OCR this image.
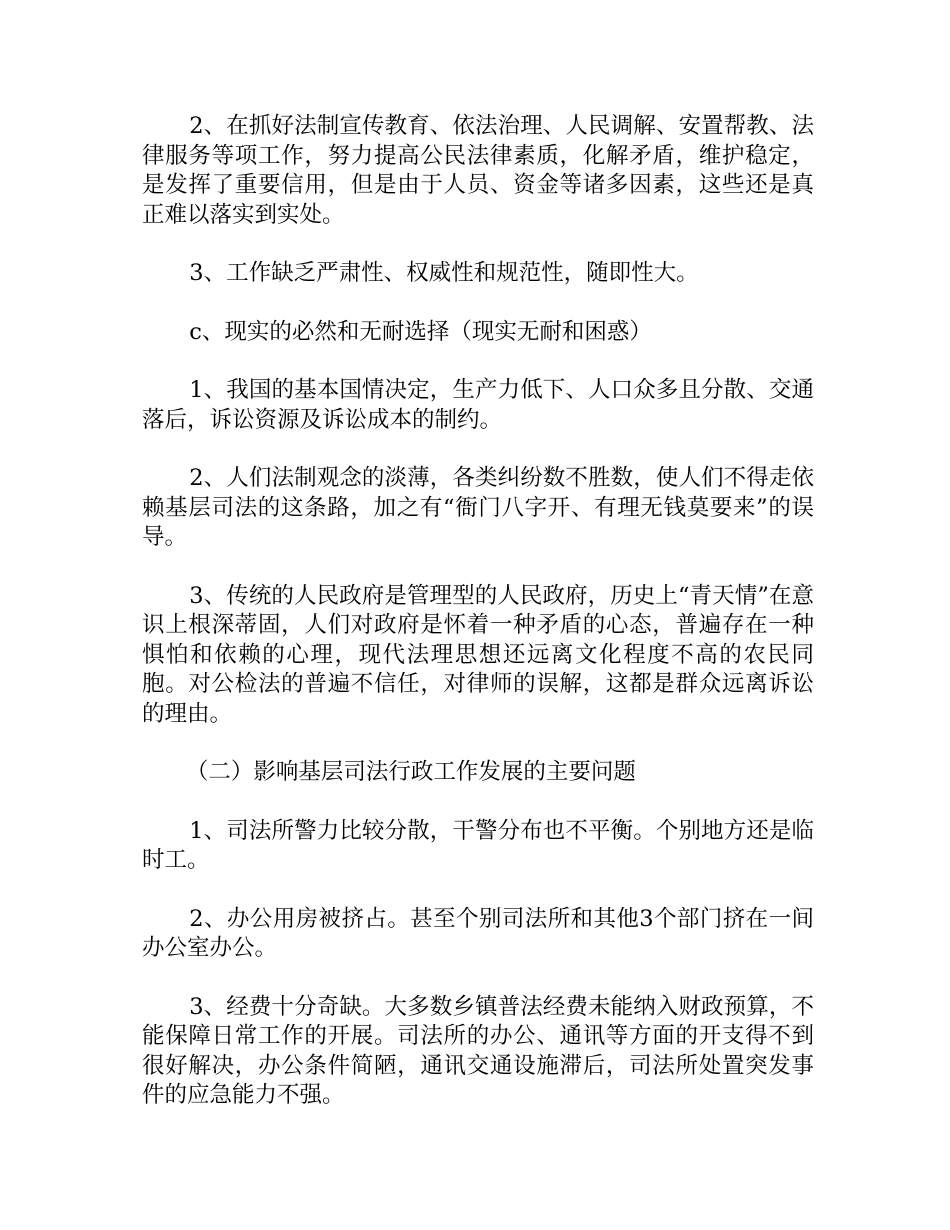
2、在抓好法制宣传教育、依法治理、人民调解、安置帮教、法律服务等项工作，努力提高公民法律素质，化解矛盾，维护稳定，是发挥了重要信用，但是由于人员、资金等诸多因素，这些还是真正难以落实到实处。

3、工作缺乏严肃性、权威性和规范性，随即性大。

c、现实的必然和无耐选择（现实无耐和困惑）

1、我国的基本国情决定，生产力低下、人口众多且分散、交通落后，诉讼资源及诉讼成本的制约。

2、人们法制观念的淡薄，各类纠纷数不胜数，使人们不得走依赖基层司法的这条路，加之有“衙门八字开、有理无钱莫要来”的误导。

3、传统的人民政府是管理型的人民政府，历史上“青天情”在意识上根深蒂固，人们对政府是怀着一种矛盾的心态，普遍存在一种惧怕和依赖的心理，现代法理思想还远离文化程度不高的农民同胞。对公检法的普遍不信任，对律师的误解，这都是群众远离诉讼的理由。

（二）影响基层司法行政工作发展的主要问题

1、司法所警力比较分散，干警分布也不平衡。个别地方还是临时工。

2、办公用房被挤占。甚至个别司法所和其他3个部门挤在一间办公室办公。

3、经费十分奇缺。大多数乡镇普法经费未能纳入财政预算，不能保障日常工作的开展。司法所的办公、通讯等方面的开支得不到很好解决，办公条件简陋，通讯交通设施滞后，司法所处置突发事件的应急能力不强。
